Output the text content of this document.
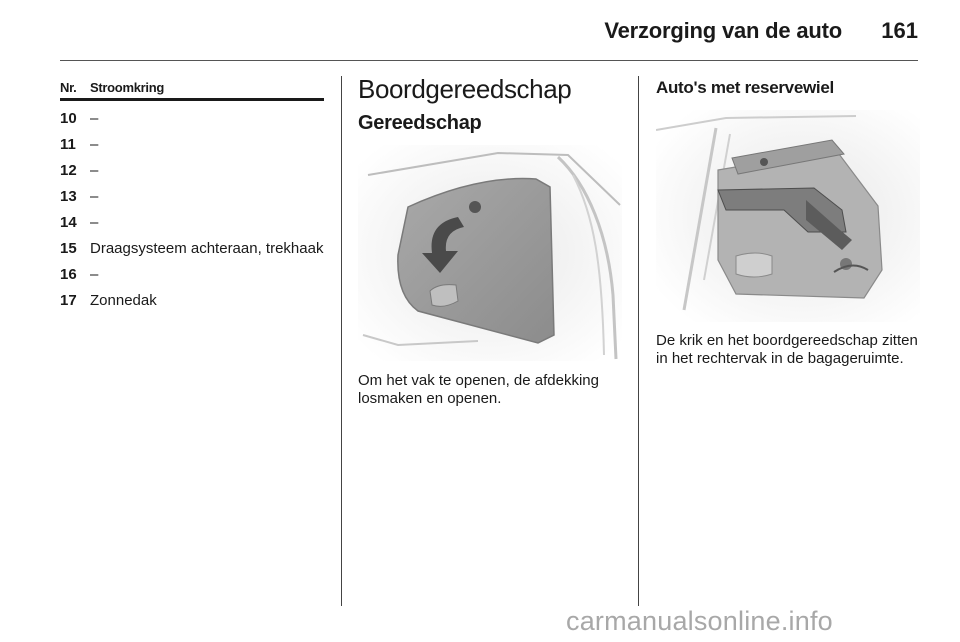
Verzorging van de auto 161
Nr.	Stroomkring
10 –
11 –
12 –
13 –
14 –
15 Draagsysteem achteraan, trekhaak
16 –
17 Zonnedak
Boordgereedschap
Gereedschap
Om het vak te openen, de afdekking losmaken en openen.
Auto's met reservewiel
De krik en het boordgereedschap zitten in het rechtervak in de bagageruimte.
carmanualsonline.info
